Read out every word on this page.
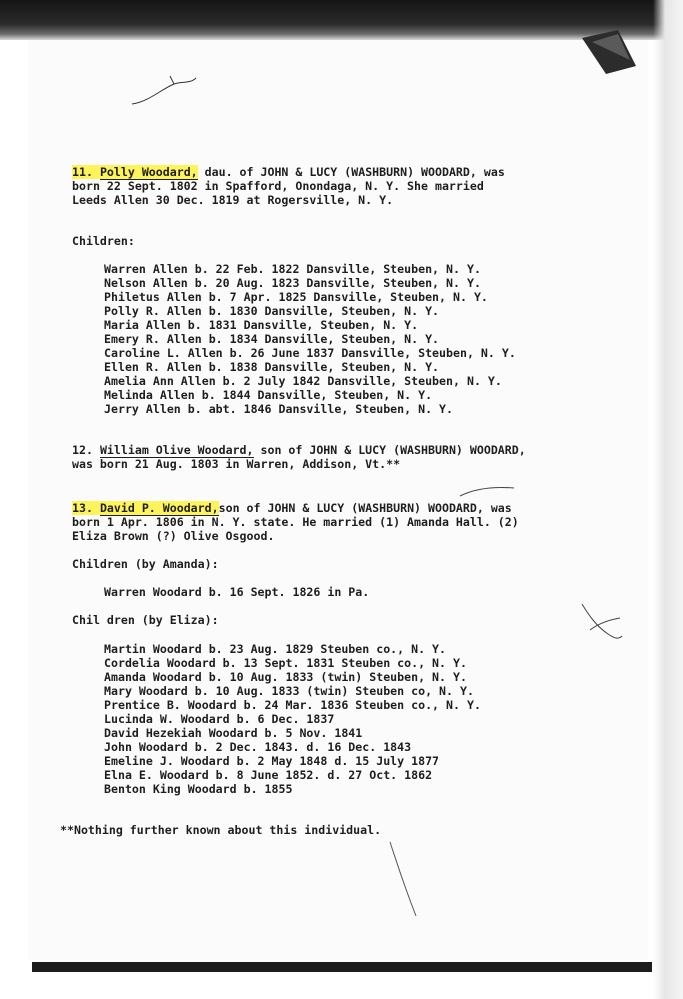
11. Polly Woodard, dau. of JOHN & LUCY (WASHBURN) WOODARD, was
born 22 Sept. 1802 in Spafford, Onondaga, N. Y. She married
Leeds Allen 30 Dec. 1819 at Rogersville, N. Y.
Children:
Warren Allen b. 22 Feb. 1822 Dansville, Steuben, N. Y.
Nelson Allen b. 20 Aug. 1823 Dansville, Steuben, N. Y.
Philetus Allen b. 7 Apr. 1825 Dansville, Steuben, N. Y.
Polly R. Allen b. 1830 Dansville, Steuben, N. Y.
Maria Allen b. 1831 Dansville, Steuben, N. Y.
Emery R. Allen b. 1834 Dansville, Steuben, N. Y.
Caroline L. Allen b. 26 June 1837 Dansville, Steuben, N. Y.
Ellen R. Allen b. 1838 Dansville, Steuben, N. Y.
Amelia Ann Allen b. 2 July 1842 Dansville, Steuben, N. Y.
Melinda Allen b. 1844 Dansville, Steuben, N. Y.
Jerry Allen b. abt. 1846 Dansville, Steuben, N. Y.
12. William Olive Woodard, son of JOHN & LUCY (WASHBURN) WOODARD,
was born 21 Aug. 1803 in Warren, Addison, Vt.**
13. David P. Woodard,son of JOHN & LUCY (WASHBURN) WOODARD, was
born 1 Apr. 1806 in N. Y. state. He married (1) Amanda Hall. (2)
Eliza Brown (?) Olive Osgood.
Children (by Amanda):
Warren Woodard b. 16 Sept. 1826 in Pa.
Chil dren (by Eliza):
Martin Woodard b. 23 Aug. 1829 Steuben co., N. Y.
Cordelia Woodard b. 13 Sept. 1831 Steuben co., N. Y.
Amanda Woodard b. 10 Aug. 1833 (twin) Steuben, N. Y.
Mary Woodard b. 10 Aug. 1833 (twin) Steuben co, N. Y.
Prentice B. Woodard b. 24 Mar. 1836 Steuben co., N. Y.
Lucinda W. Woodard b. 6 Dec. 1837
David Hezekiah Woodard b. 5 Nov. 1841
John Woodard b. 2 Dec. 1843. d. 16 Dec. 1843
Emeline J. Woodard b. 2 May 1848 d. 15 July 1877
Elna E. Woodard b. 8 June 1852. d. 27 Oct. 1862
Benton King Woodard b. 1855
**Nothing further known about this individual.
